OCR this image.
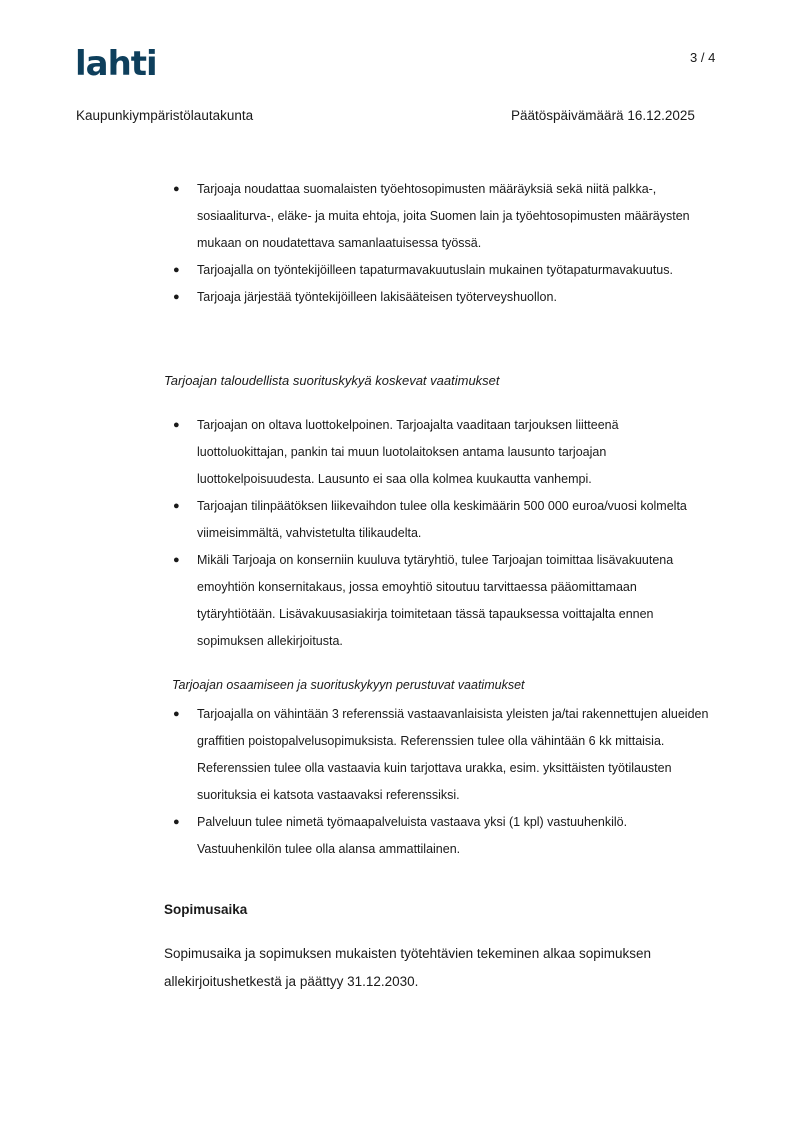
lahti	3 / 4
Kaupunkiympäristölautakunta	Päätöspäivämäärä 16.12.2025
● Tarjoaja noudattaa suomalaisten työehtosopimusten määräyksiä sekä niitä palkka-, sosiaaliturva-, eläke- ja muita ehtoja, joita Suomen lain ja työehtosopimusten määräysten mukaan on noudatettava samanlaatuisessa työssä.
● Tarjoajalla on työntekijöilleen tapaturmavakuutuslain mukainen työtapaturmavakuutus.
● Tarjoaja järjestää työntekijöilleen lakisääteisen työterveyshuollon.
Tarjoajan taloudellista suorituskykyä koskevat vaatimukset
● Tarjoajan on oltava luottokelpoinen. Tarjoajalta vaaditaan tarjouksen liitteenä luottoluokittajan, pankin tai muun luotolaitoksen antama lausunto tarjoajan luottokelpoisuudesta. Lausunto ei saa olla kolmea kuukautta vanhempi.
● Tarjoajan tilinpäätöksen liikevaihdon tulee olla keskimäärin 500 000 euroa/vuosi kolmelta viimeisimmältä, vahvistetulta tilikaudelta.
● Mikäli Tarjoaja on konserniin kuuluva tytäryhtiö, tulee Tarjoajan toimittaa lisävakuutena emoyhtiön konsernitakaus, jossa emoyhtiö sitoutuu tarvittaessa pääomittamaan tytäryhtiötään. Lisävakuusasiakirja toimitetaan tässä tapauksessa voittajalta ennen sopimuksen allekirjoitusta.
Tarjoajan osaamiseen ja suorituskykyyn perustuvat vaatimukset
● Tarjoajalla on vähintään 3 referenssiä vastaavanlaisista yleisten ja/tai rakennettujen alueiden graffitien poistopalvelusopimuksista. Referenssien tulee olla vähintään 6 kk mittaisia. Referenssien tulee olla vastaavia kuin tarjottava urakka, esim. yksittäisten työtilausten suorituksia ei katsota vastaavaksi referenssiksi.
● Palveluun tulee nimetä työmaapalveluista vastaava yksi (1 kpl) vastuuhenkilö. Vastuuhenkilön tulee olla alansa ammattilainen.
Sopimusaika
Sopimusaika ja sopimuksen mukaisten työtehtävien tekeminen alkaa sopimuksen allekirjoitushetkestä ja päättyy 31.12.2030.
